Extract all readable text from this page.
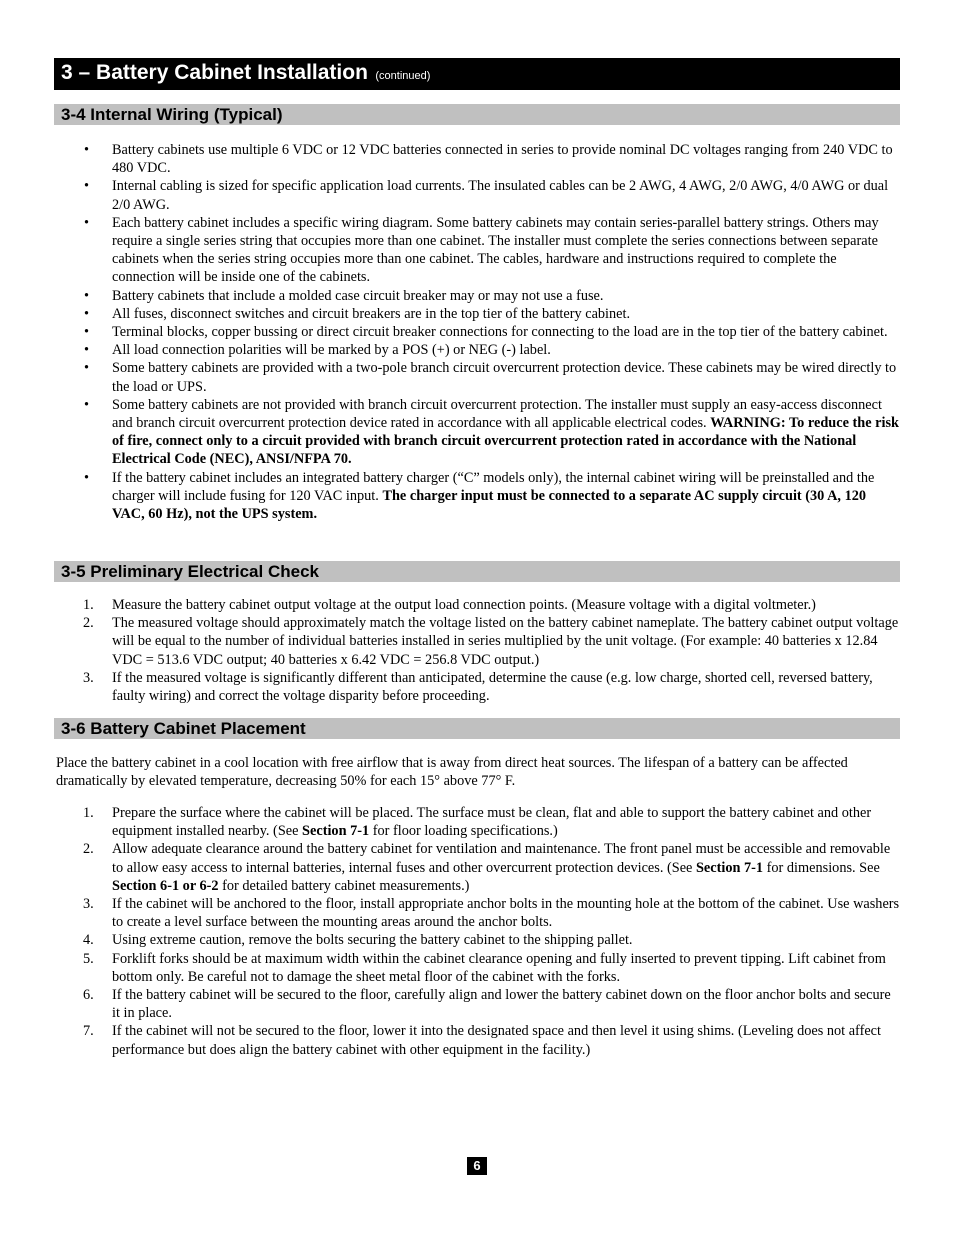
3 – Battery Cabinet Installation (continued)
3-4 Internal Wiring (Typical)
• Battery cabinets use multiple 6 VDC or 12 VDC batteries connected in series to provide nominal DC voltages ranging from 240 VDC to 480 VDC.
• Internal cabling is sized for specific application load currents. The insulated cables can be 2 AWG, 4 AWG, 2/0 AWG, 4/0 AWG or dual 2/0 AWG.
• Each battery cabinet includes a specific wiring diagram. Some battery cabinets may contain series-parallel battery strings. Others may require a single series string that occupies more than one cabinet. The installer must complete the series connections between separate cabinets when the series string occupies more than one cabinet. The cables, hardware and instructions required to complete the connection will be inside one of the cabinets.
• Battery cabinets that include a molded case circuit breaker may or may not use a fuse.
• All fuses, disconnect switches and circuit breakers are in the top tier of the battery cabinet.
• Terminal blocks, copper bussing or direct circuit breaker connections for connecting to the load are in the top tier of the battery cabinet.
• All load connection polarities will be marked by a POS (+) or NEG (-) label.
• Some battery cabinets are provided with a two-pole branch circuit overcurrent protection device. These cabinets may be wired directly to the load or UPS.
• Some battery cabinets are not provided with branch circuit overcurrent protection. The installer must supply an easy-access disconnect and branch circuit overcurrent protection device rated in accordance with all applicable electrical codes. WARNING: To reduce the risk of fire, connect only to a circuit provided with branch circuit overcurrent protection rated in accordance with the National Electrical Code (NEC), ANSI/NFPA 70.
• If the battery cabinet includes an integrated battery charger (“C” models only), the internal cabinet wiring will be preinstalled and the charger will include fusing for 120 VAC input. The charger input must be connected to a separate AC supply circuit (30 A, 120 VAC, 60 Hz), not the UPS system.
3-5 Preliminary Electrical Check
1. Measure the battery cabinet output voltage at the output load connection points. (Measure voltage with a digital voltmeter.)
2. The measured voltage should approximately match the voltage listed on the battery cabinet nameplate. The battery cabinet output voltage will be equal to the number of individual batteries installed in series multiplied by the unit voltage. (For example: 40 batteries x 12.84 VDC = 513.6 VDC output; 40 batteries x 6.42 VDC = 256.8 VDC output.)
3. If the measured voltage is significantly different than anticipated, determine the cause (e.g. low charge, shorted cell, reversed battery, faulty wiring) and correct the voltage disparity before proceeding.
3-6 Battery Cabinet Placement

Place the battery cabinet in a cool location with free airflow that is away from direct heat sources. The lifespan of a battery can be affected dramatically by elevated temperature, decreasing 50% for each 15° above 77° F.

1. Prepare the surface where the cabinet will be placed. The surface must be clean, flat and able to support the battery cabinet and other equipment installed nearby. (See Section 7-1 for floor loading specifications.)
2. Allow adequate clearance around the battery cabinet for ventilation and maintenance. The front panel must be accessible and removable to allow easy access to internal batteries, internal fuses and other overcurrent protection devices. (See Section 7-1 for dimensions. See Section 6-1 or 6-2 for detailed battery cabinet measurements.)
3. If the cabinet will be anchored to the floor, install appropriate anchor bolts in the mounting hole at the bottom of the cabinet. Use washers to create a level surface between the mounting areas around the anchor bolts.
4. Using extreme caution, remove the bolts securing the battery cabinet to the shipping pallet.
5. Forklift forks should be at maximum width within the cabinet clearance opening and fully inserted to prevent tipping. Lift cabinet from bottom only. Be careful not to damage the sheet metal floor of the cabinet with the forks.
6. If the battery cabinet will be secured to the floor, carefully align and lower the battery cabinet down on the floor anchor bolts and secure it in place.
7. If the cabinet will not be secured to the floor, lower it into the designated space and then level it using shims. (Leveling does not affect performance but does align the battery cabinet with other equipment in the facility.)
6
